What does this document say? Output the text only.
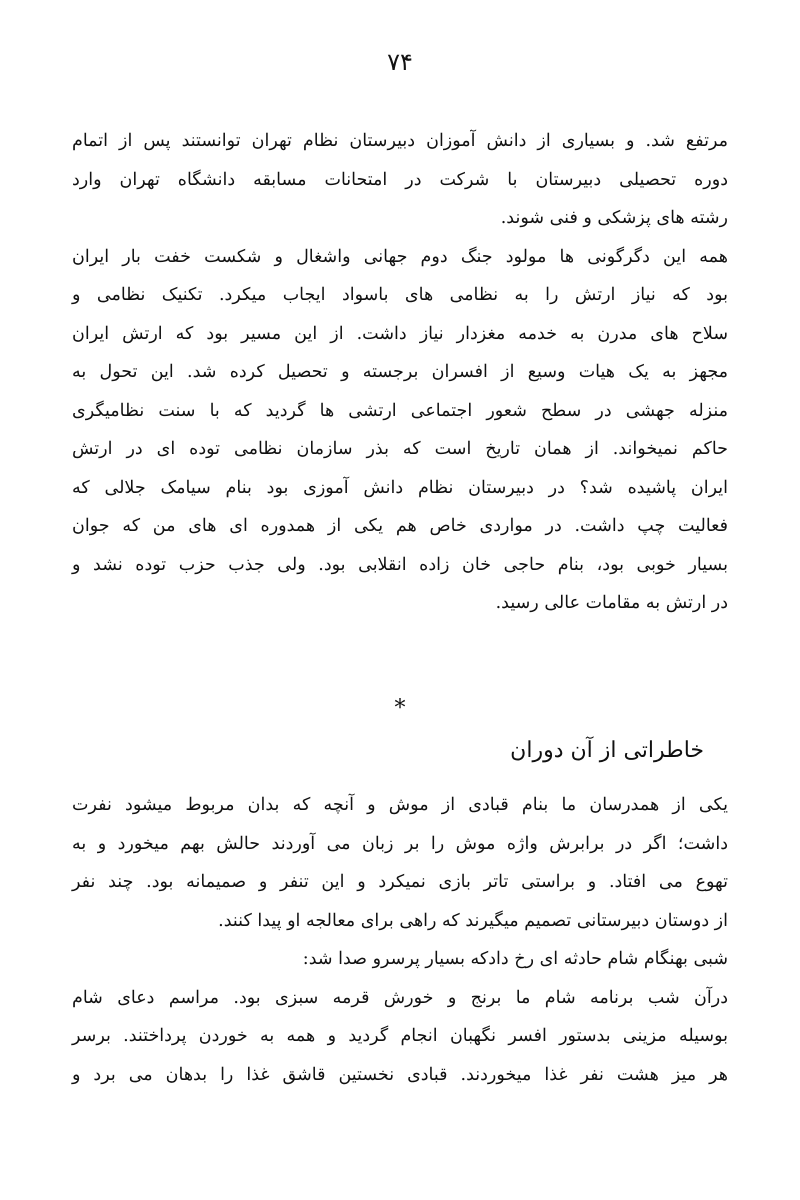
۷۴
مرتفع شد. و بسیاری از دانش آموزان دبیرستان نظام تهران توانستند پس از اتمام
دوره تحصیلی دبیرستان با شرکت در امتحانات مسابقه دانشگاه تهران وارد
رشته های پزشکی و فنی شوند.
همه این دگرگونی ها مولود جنگ دوم جهانی واشغال و شکست خفت بار ایران
بود که نیاز ارتش را به نظامی های باسواد ایجاب میکرد. تکنیک نظامی و
سلاح های مدرن به خدمه مغزدار نیاز داشت. از این مسیر بود که ارتش ایران
مجهز به یک هیات وسیع از افسران برجسته و تحصیل کرده شد. این تحول به
منزله جهشی در سطح شعور اجتماعی ارتشی ها گردید که با سنت نظامیگری
حاکم نمیخواند. از همان تاریخ است که بذر سازمان نظامی توده ای در ارتش
ایران پاشیده شد؟ در دبیرستان نظام دانش آموزی بود بنام سیامک جلالی که
فعالیت چپ داشت. در مواردی خاص هم یکی از همدوره ای های من که جوان
بسیار خوبی بود، بنام حاجی خان زاده انقلابی بود. ولی جذب حزب توده نشد و
در ارتش به مقامات عالی رسید.
*
خاطراتی از آن دوران
یکی از همدرسان ما بنام قبادی از موش و آنچه که بدان مربوط میشود نفرت
داشت؛ اگر در برابرش واژه موش را بر زبان می آوردند حالش بهم میخورد و به
تهوع می افتاد. و براستی تاتر بازی نمیکرد و این تنفر و صمیمانه بود. چند نفر
از دوستان دبیرستانی تصمیم میگیرند که راهی برای معالجه او پیدا کنند.
شبی بهنگام شام حادثه ای رخ دادکه بسیار پرسرو صدا شد:
درآن شب برنامه شام ما برنج و خورش قرمه سبزی بود. مراسم دعای شام
بوسیله مزینی بدستور افسر نگهبان انجام گردید و همه به خوردن پرداختند. برسر
هر میز هشت نفر غذا میخوردند. قبادی نخستین قاشق غذا را بدهان می برد و
